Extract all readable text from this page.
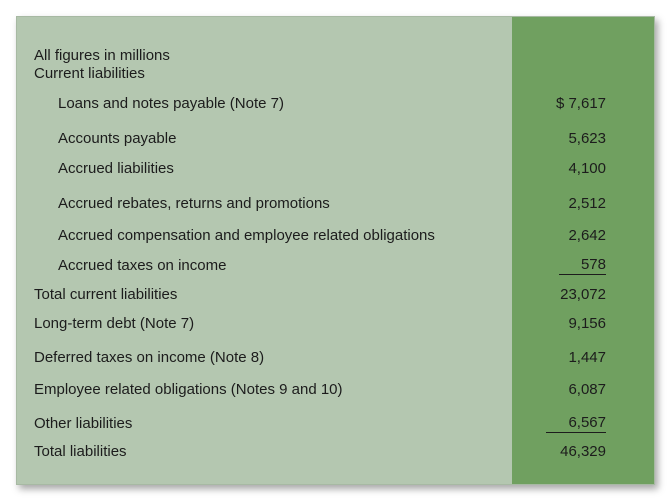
All figures in millions
Current liabilities
Loans and notes payable (Note 7)	$ 7,617
Accounts payable	5,623
Accrued liabilities	4,100
Accrued rebates, returns and promotions	2,512
Accrued compensation and employee related obligations	2,642
Accrued taxes on income	578
Total current liabilities	23,072
Long-term debt (Note 7)	9,156
Deferred taxes on income (Note 8)	1,447
Employee related obligations (Notes 9 and 10)	6,087
Other liabilities	6,567
Total liabilities	46,329
